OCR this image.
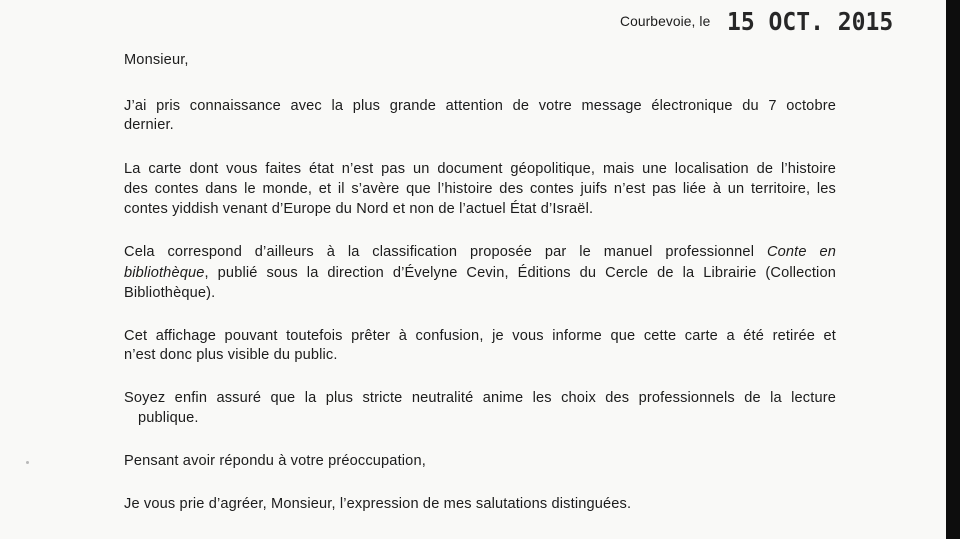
Courbevoie, le 15 OCT. 2015
Monsieur,
J’ai pris connaissance avec la plus grande attention de votre message électronique du 7 octobre
dernier.
La carte dont vous faites état n’est pas un document géopolitique, mais une localisation de l’histoire
des contes dans le monde, et il s’avère que l’histoire des contes juifs n’est pas liée à un territoire, les
contes yiddish venant d’Europe du Nord et non de l’actuel État d’Israël.
Cela correspond d’ailleurs à la classification proposée par le manuel professionnel Conte en
bibliothèque, publié sous la direction d’Évelyne Cevin, Éditions du Cercle de la Librairie (Collection
Bibliothèque).
Cet affichage pouvant toutefois prêter à confusion, je vous informe que cette carte a été retirée et
n’est donc plus visible du public.
Soyez enfin assuré que la plus stricte neutralité anime les choix des professionnels de la lecture
publique.
Pensant avoir répondu à votre préoccupation,
Je vous prie d’agréer, Monsieur, l’expression de mes salutations distinguées.
